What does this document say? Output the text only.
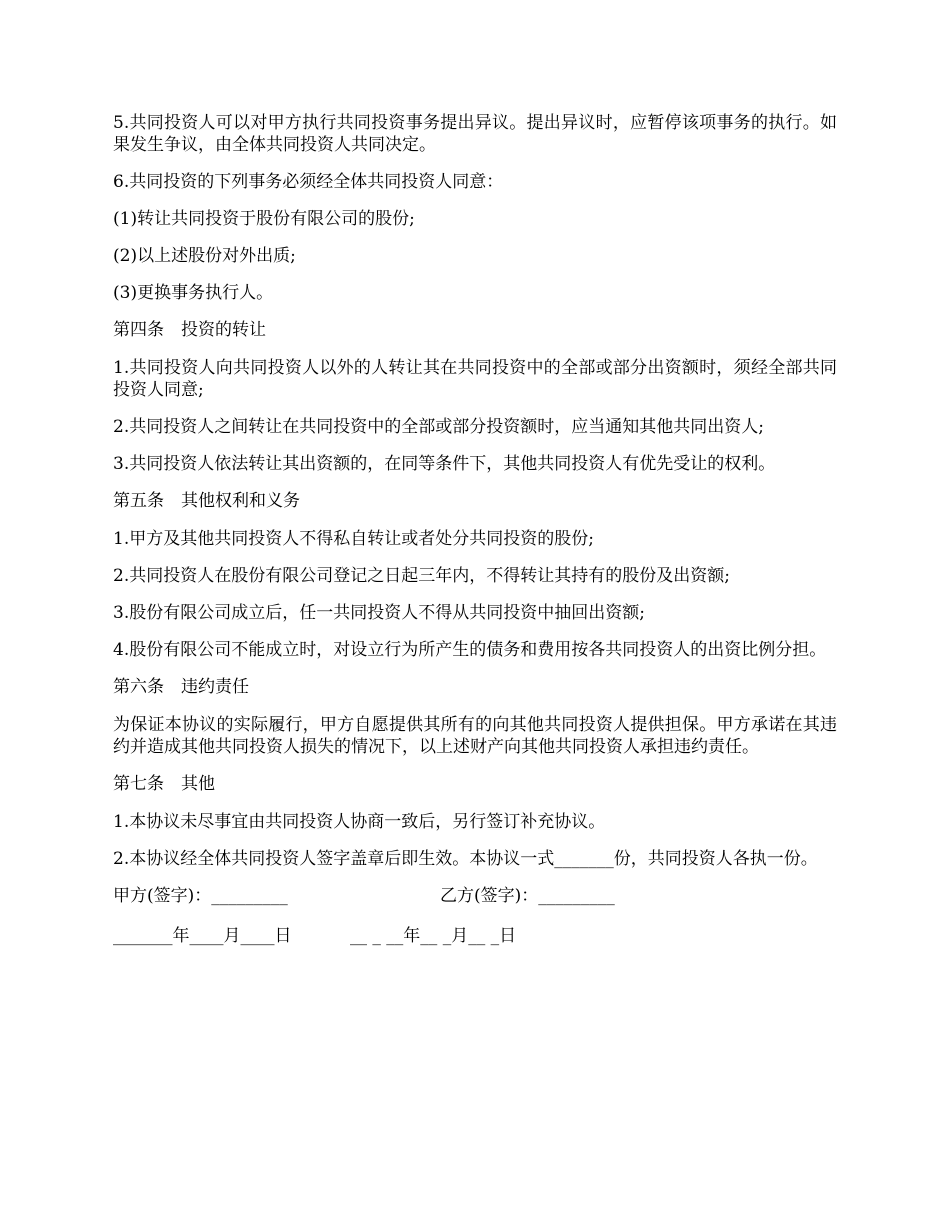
5.共同投资人可以对甲方执行共同投资事务提出异议。提出异议时，应暂停该项事务的执行。如果发生争议，由全体共同投资人共同决定。

6.共同投资的下列事务必须经全体共同投资人同意：

(1)转让共同投资于股份有限公司的股份;

(2)以上述股份对外出质;

(3)更换事务执行人。

第四条　投资的转让

1.共同投资人向共同投资人以外的人转让其在共同投资中的全部或部分出资额时，须经全部共同投资人同意;

2.共同投资人之间转让在共同投资中的全部或部分投资额时，应当通知其他共同出资人;

3.共同投资人依法转让其出资额的，在同等条件下，其他共同投资人有优先受让的权利。

第五条　其他权利和义务

1.甲方及其他共同投资人不得私自转让或者处分共同投资的股份;

2.共同投资人在股份有限公司登记之日起三年内，不得转让其持有的股份及出资额;

3.股份有限公司成立后，任一共同投资人不得从共同投资中抽回出资额;

4.股份有限公司不能成立时，对设立行为所产生的债务和费用按各共同投资人的出资比例分担。

第六条　违约责任

为保证本协议的实际履行，甲方自愿提供其所有的向其他共同投资人提供担保。甲方承诺在其违约并造成其他共同投资人损失的情况下，以上述财产向其他共同投资人承担违约责任。

第七条　其他

1.本协议未尽事宜由共同投资人协商一致后，另行签订补充协议。

2.本协议经全体共同投资人签字盖章后即生效。本协议一式_______份，共同投资人各执一份。

甲方(签字)：_________

	乙方(签字)：_________

_______年____月____日

	__ _ __年__ _月__ _日
